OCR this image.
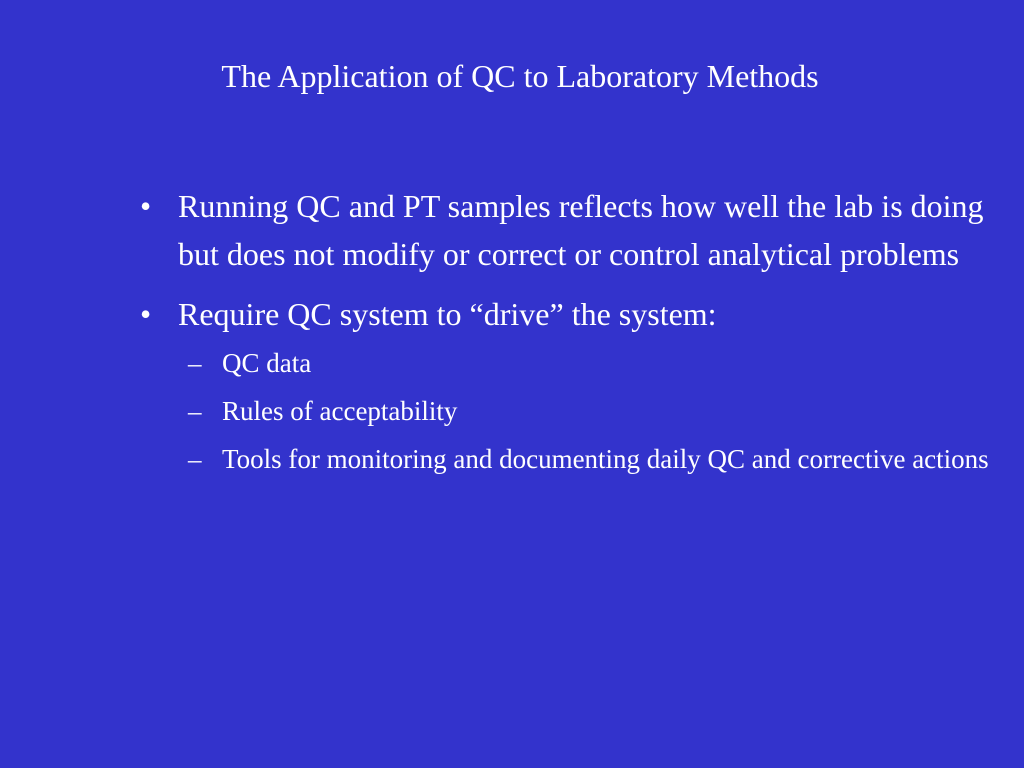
The Application of QC to Laboratory Methods
• Running QC and PT samples reflects how well the lab is doing but does not modify or correct or control analytical problems
• Require QC system to “drive” the system:
– QC data
– Rules of acceptability
– Tools for monitoring and documenting daily QC and corrective actions
